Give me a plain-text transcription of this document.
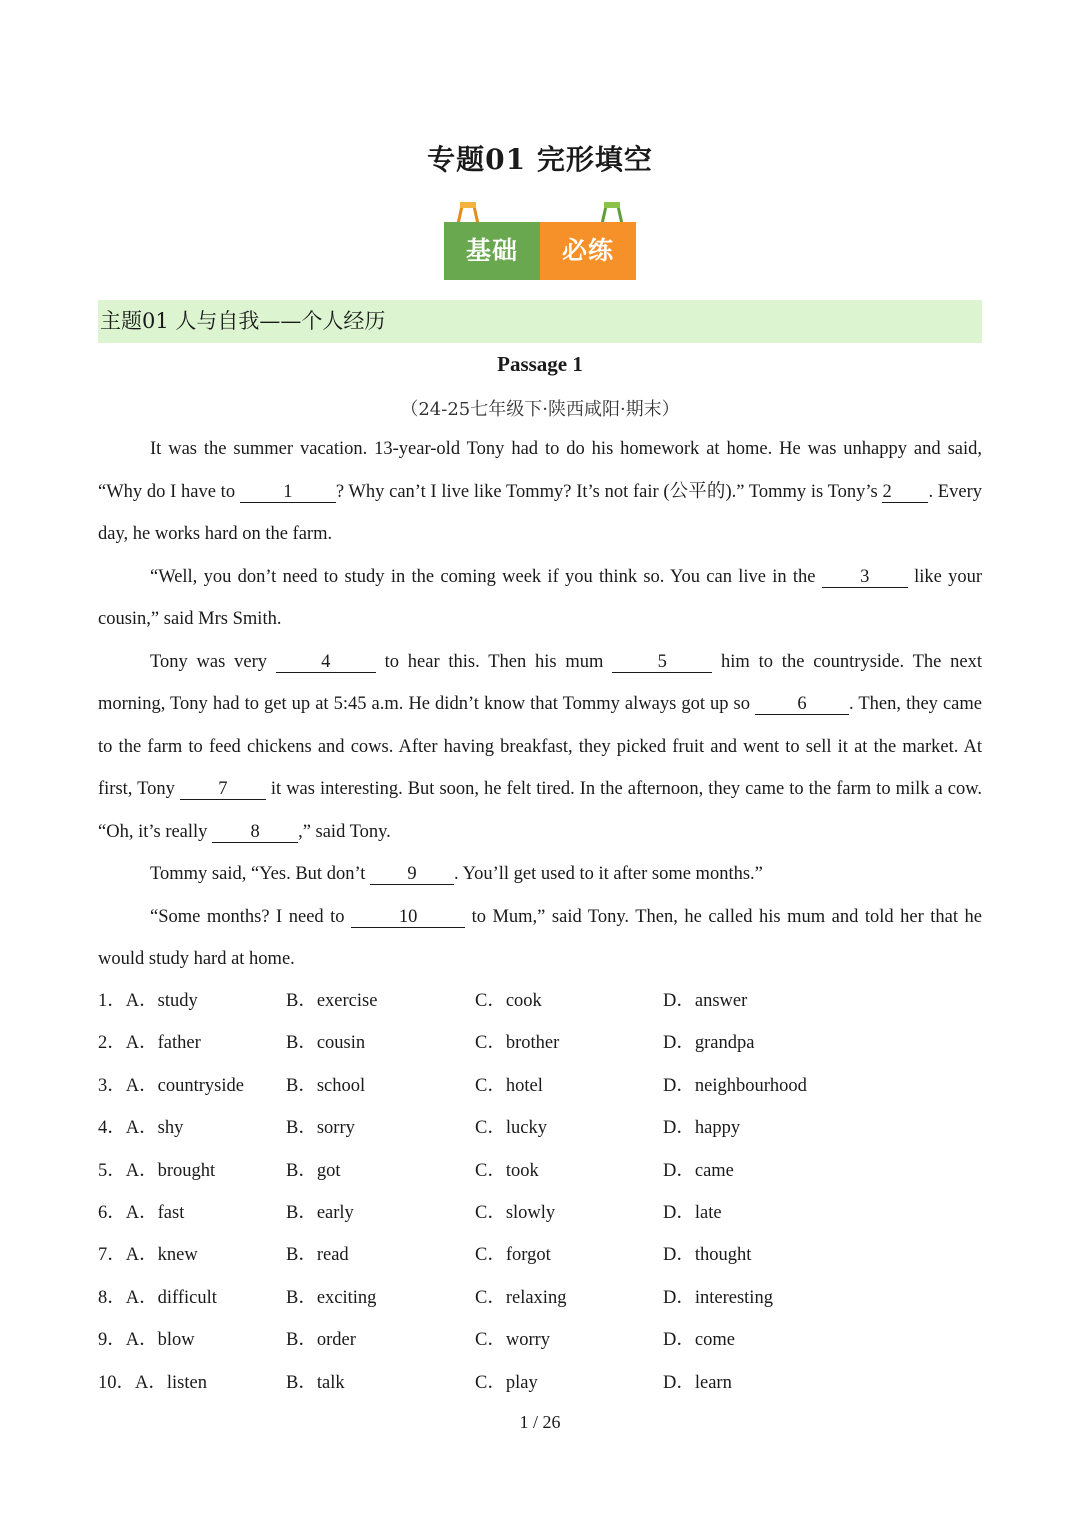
专题01 完形填空
基础	必练
主题01 人与自我——个人经历
Passage 1
（24-25七年级下·陕西咸阳·期末）

It was the summer vacation. 13-year-old Tony had to do his homework at home. He was unhappy and said, “Why do I have to 1 ? Why can’t I live like Tommy? It’s not fair (公平的).” Tommy is Tony’s 2 . Every day, he works hard on the farm.

“Well, you don’t need to study in the coming week if you think so. You can live in the 3 like your cousin,” said Mrs Smith.

Tony was very 4 to hear this. Then his mum 5 him to the countryside. The next morning, Tony had to get up at 5:45 a.m. He didn’t know that Tommy always got up so 6 . Then, they came to the farm to feed chickens and cows. After having breakfast, they picked fruit and went to sell it at the market. At first, Tony 7 it was interesting. But soon, he felt tired. In the afternoon, they came to the farm to milk a cow. “Oh, it’s really 8 ,” said Tony.

Tommy said, “Yes. But don’t 9 . You’ll get used to it after some months.”

“Some months? I need to	10	to Mum,” said Tony. Then, he called his mum and told her that he would study hard at home.

1．A．study	B．exercise	C．cook	D．answer
2．A．father	B．cousin	C．brother	D．grandpa
3．A．countryside B．school	C．hotel	D．neighbourhood
4．A．shy	B．sorry	C．lucky	D．happy
5．A．brought	B．got	C．took	D．came
6．A．fast	B．early	C．slowly	D．late
7．A．knew	B．read	C．forgot	D．thought
8．A．difficult	B．exciting	C．relaxing	D．interesting
9．A．blow	B．order	C．worry	D．come
10．A．listen	B．talk	C．play	D．learn
1 / 26
